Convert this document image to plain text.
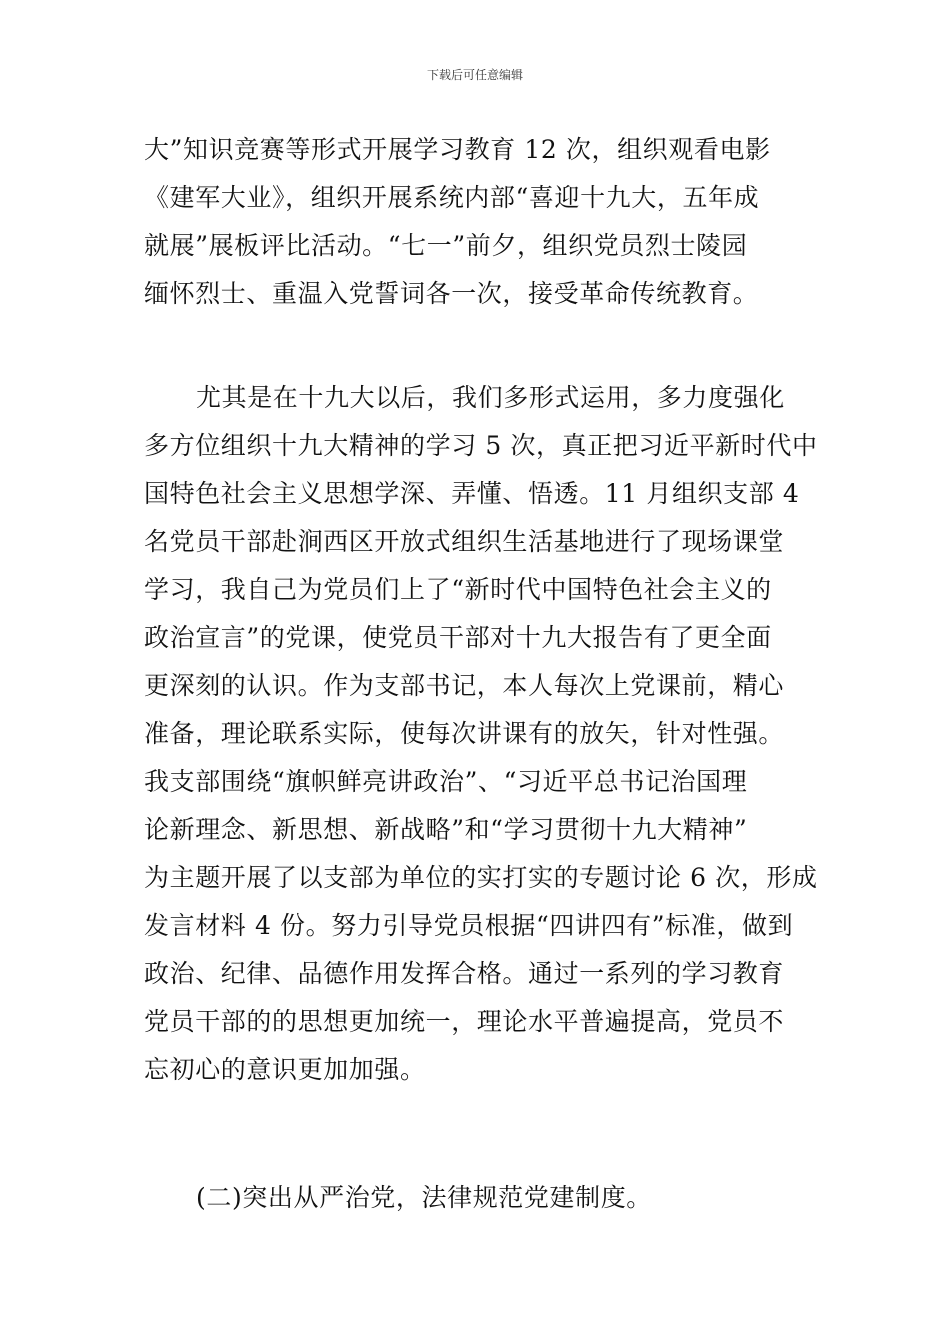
下载后可任意编辑
大”知识竞赛等形式开展学习教育 12 次，组织观看电影
《建军大业》，组织开展系统内部“喜迎十九大，五年成
就展”展板评比活动。“七一”前夕，组织党员烈士陵园
缅怀烈士、重温入党誓词各一次，接受革命传统教育。
尤其是在十九大以后，我们多形式运用，多力度强化
多方位组织十九大精神的学习 5 次，真正把习近平新时代中
国特色社会主义思想学深、弄懂、悟透。11 月组织支部 4
名党员干部赴涧西区开放式组织生活基地进行了现场课堂
学习，我自己为党员们上了“新时代中国特色社会主义的
政治宣言”的党课，使党员干部对十九大报告有了更全面
更深刻的认识。作为支部书记，本人每次上党课前，精心
准备，理论联系实际，使每次讲课有的放矢，针对性强。
我支部围绕“旗帜鲜亮讲政治”、“习近平总书记治国理
论新理念、新思想、新战略”和“学习贯彻十九大精神”
为主题开展了以支部为单位的实打实的专题讨论 6 次，形成
发言材料 4 份。努力引导党员根据“四讲四有”标准，做到
政治、纪律、品德作用发挥合格。通过一系列的学习教育
党员干部的的思想更加统一，理论水平普遍提高，党员不
忘初心的意识更加加强。
(二)突出从严治党，法律规范党建制度。
